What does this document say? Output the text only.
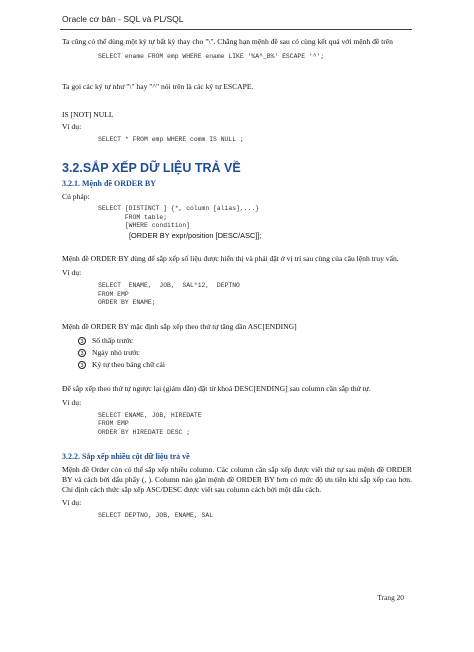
Oracle cơ bản - SQL và PL/SQL

Ta cũng có thể dùng một ký tự bất kỳ thay cho "\". Chẳng hạn mệnh đề sau có cùng kết quả với mệnh đề trên

SELECT ename FROM emp WHERE ename LIKE '%A^_B%' ESCAPE '^';

Ta gọi các ký tự như "\" hay "^" nói trên là các ký tự ESCAPE.

IS [NOT] NULL

Ví dụ:

SELECT * FROM emp WHERE comm IS NULL ;
3.2.SẮP XẾP DỮ LIỆU TRẢ VỀ
3.2.1. Mệnh đề ORDER BY

Cú pháp:

SELECT [DISTINCT ] {*, column [alias],...}
FROM table;
[WHERE condition]
[ORDER BY expr/position [DESC/ASC]];

Mệnh đề ORDER BY dùng để sắp xếp số liệu được hiển thị và phải đặt ở vị trí sau cùng của câu lệnh truy vấn.

Ví dụ:

SELECT  ENAME,  JOB,  SAL*12,  DEPTNO
FROM EMP
ORDER BY ENAME;

Mệnh đề ORDER BY mặc định sắp xếp theo thứ tự tăng dần ASC[ENDING]

3	Số thấp trước
3	Ngày nhỏ trước
3	Ký tự theo bảng chữ cái

Để sắp xếp theo thứ tự ngược lại (giảm dần) đặt từ khoá DESC[ENDING] sau column cần sắp thứ tự.

Ví dụ:

SELECT ENAME, JOB, HIREDATE
FROM EMP
ORDER BY HIREDATE DESC ;
3.2.2. Sắp xếp nhiều cột dữ liệu trả về

Mệnh đề Order còn có thể sắp xếp nhiều column. Các column cần sắp xếp được viết thứ tự sau mệnh đề ORDER BY và cách bởi dấu phẩy (, ). Column nào gần mệnh đề ORDER BY hơn có mức độ ưu tiên khi sắp xếp cao hơn. Chỉ định cách thức sắp xếp ASC/DESC được viết sau column cách bởi một dấu cách.

Ví dụ:

SELECT DEPTNO, JOB, ENAME, SAL
Trang 20
